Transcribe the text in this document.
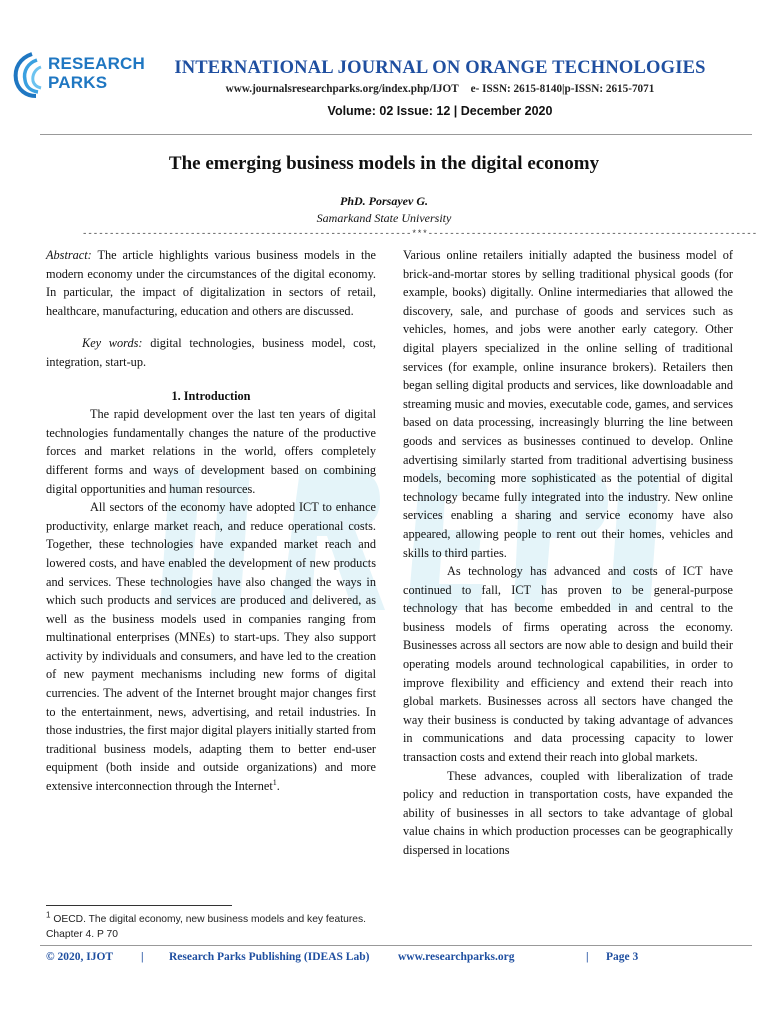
RESEARCH
PARKS
INTERNATIONAL JOURNAL ON ORANGE TECHNOLOGIES
www.journalsresearchparks.org/index.php/IJOT e- ISSN: 2615-8140|p-ISSN: 2615-7071
Volume: 02 Issue: 12 | December 2020
The emerging business models in the digital economy
PhD. Porsayev G.
Samarkand State University
-------------------------------------------------------------***-------------------------------------------------------------

Abstract: The article highlights various business models in the modern economy under the circumstances of the digital economy. In particular, the impact of digitalization in sectors of retail, healthcare, manufacturing, education and others are discussed.

Key words: digital technologies, business model, cost, integration, start-up.

1. Introduction

The rapid development over the last ten years of digital technologies fundamentally changes the nature of the productive forces and market relations in the world, offers completely different forms and ways of development based on combining digital opportunities and human resources.

All sectors of the economy have adopted ICT to enhance productivity, enlarge market reach, and reduce operational costs. Together, these technologies have expanded market reach and lowered costs, and have enabled the development of new products and services. These technologies have also changed the ways in which such products and services are produced and delivered, as well as the business models used in companies ranging from multinational enterprises (MNEs) to start-ups. They also support activity by individuals and consumers, and have led to the creation of new payment mechanisms including new forms of digital currencies. The advent of the Internet brought major changes first to the entertainment, news, advertising, and retail industries. In those industries, the first major digital players initially started from traditional business models, adapting them to better end-user equipment (both inside and outside organizations) and more extensive interconnection through the Internet$^1$.

Various online retailers initially adapted the business model of brick-and-mortar stores by selling traditional physical goods (for example, books) digitally. Online intermediaries that allowed the discovery, sale, and purchase of goods and services such as vehicles, homes, and jobs were another early category. Other digital players specialized in the online selling of traditional services (for example, online insurance brokers). Retailers then began selling digital products and services, like downloadable and streaming music and movies, executable code, games, and services based on data processing, increasingly blurring the line between goods and services as businesses continued to develop. Online advertising similarly started from traditional advertising business models, becoming more sophisticated as the potential of digital technology became fully integrated into the industry. New online services enabling a sharing and service economy have also appeared, allowing people to rent out their homes, vehicles and skills to third parties.

As technology has advanced and costs of ICT have continued to fall, ICT has proven to be general-purpose technology that has become embedded in and central to the business models of firms operating across the economy. Businesses across all sectors are now able to design and build their operating models around technological capabilities, in order to improve flexibility and efficiency and extend their reach into global markets. Businesses across all sectors have changed the way their business is conducted by taking advantage of advances in communications and data processing capacity to lower transaction costs and extend their reach into global markets.

These advances, coupled with liberalization of trade policy and reduction in transportation costs, have expanded the ability of businesses in all sectors to take advantage of global value chains in which production processes can be geographically dispersed in locations

$^1$ OECD. The digital economy, new business models and key features. Chapter 4. P 70
© 2020, IJOT | Research Parks Publishing (IDEAS Lab) www.researchparks.org	| Page 3
